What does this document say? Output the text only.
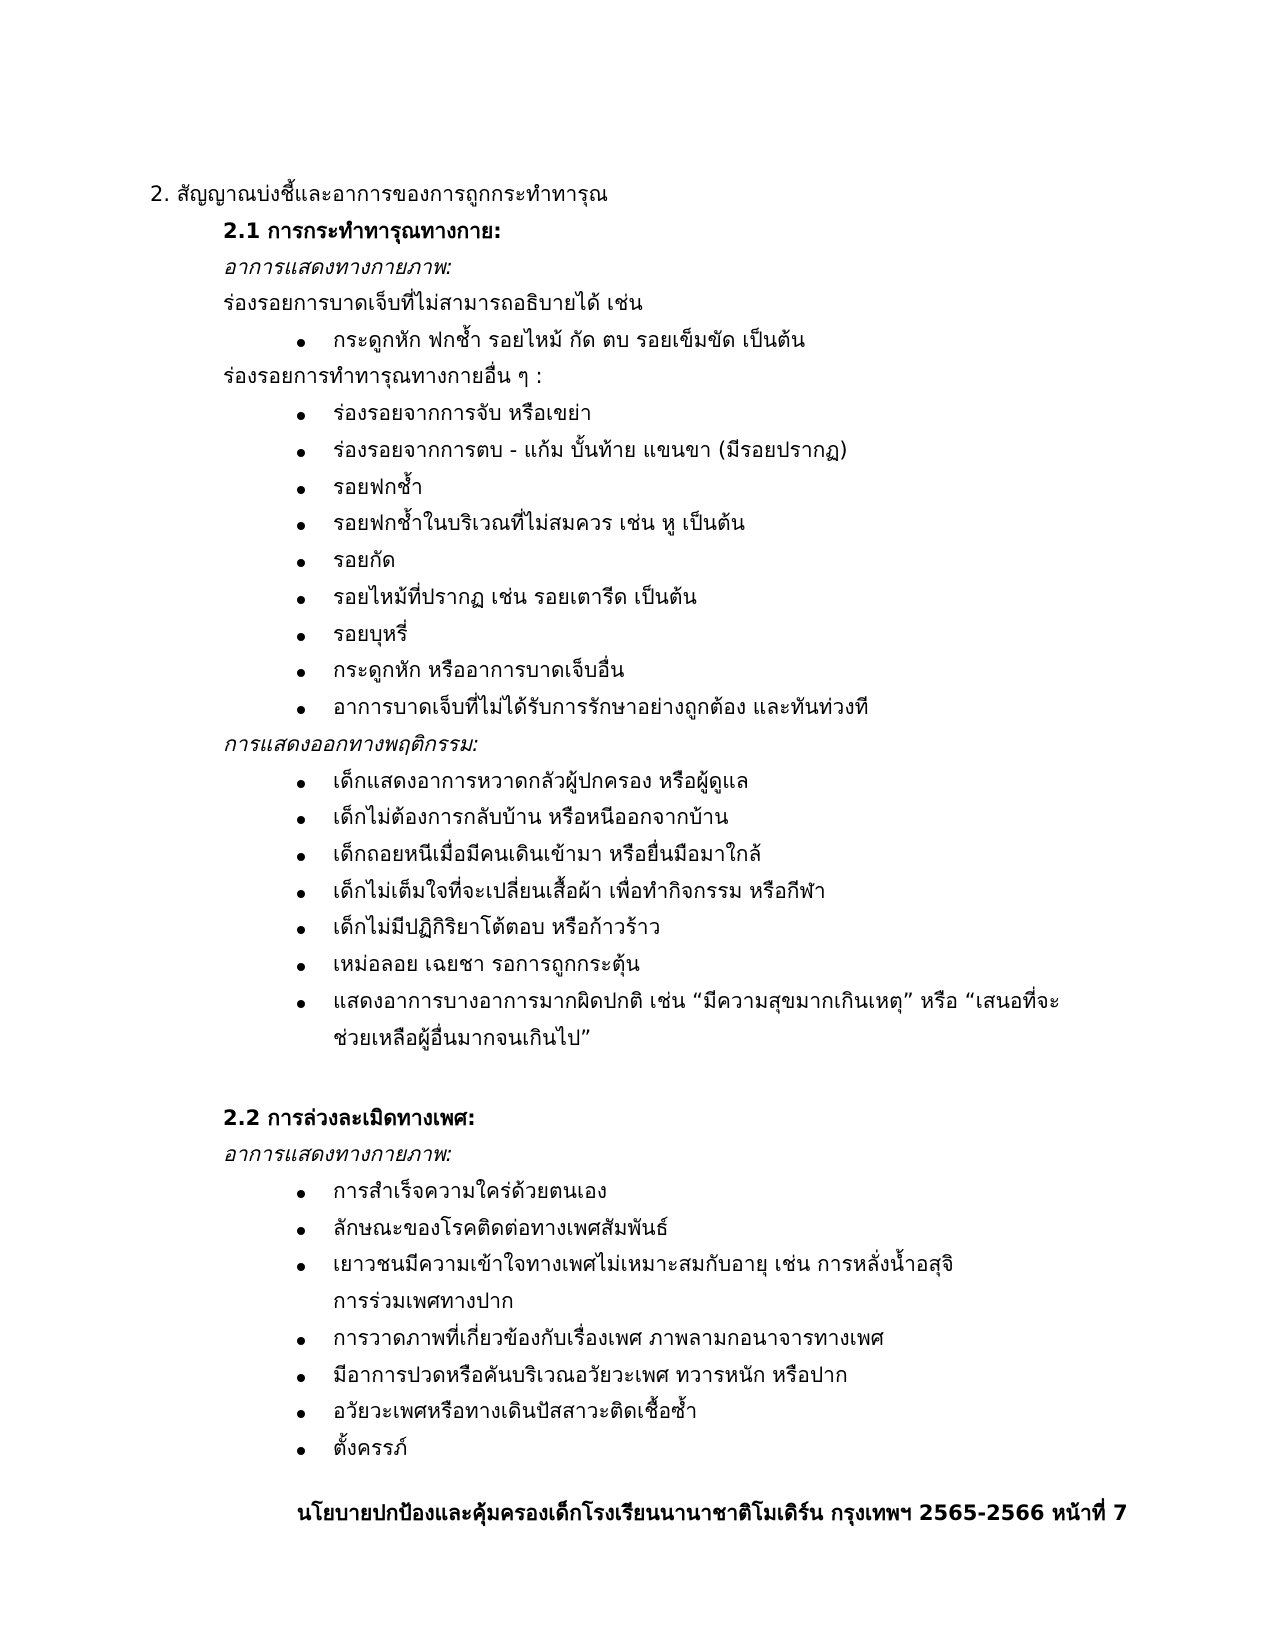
2. สัญญาณบ่งชี้และอาการของการถูกกระทำทารุณ
2.1 การกระทำทารุณทางกาย:
อาการแสดงทางกายภาพ:
ร่องรอยการบาดเจ็บที่ไม่สามารถอธิบายได้ เช่น
กระดูกหัก ฟกช้ำ รอยไหม้ กัด ตบ รอยเข็มขัด เป็นต้น
ร่องรอยการทำทารุณทางกายอื่น ๆ :
ร่องรอยจากการจับ หรือเขย่า
ร่องรอยจากการตบ - แก้ม บั้นท้าย แขนขา (มีรอยปรากฏ)
รอยฟกช้ำ
รอยฟกช้ำในบริเวณที่ไม่สมควร เช่น หู เป็นต้น
รอยกัด
รอยไหม้ที่ปรากฏ เช่น รอยเตารีด เป็นต้น
รอยบุหรี่
กระดูกหัก หรืออาการบาดเจ็บอื่น
อาการบาดเจ็บที่ไม่ได้รับการรักษาอย่างถูกต้อง และทันท่วงที
การแสดงออกทางพฤติกรรม:
เด็กแสดงอาการหวาดกลัวผู้ปกครอง หรือผู้ดูแล
เด็กไม่ต้องการกลับบ้าน หรือหนีออกจากบ้าน
เด็กถอยหนีเมื่อมีคนเดินเข้ามา หรือยื่นมือมาใกล้
เด็กไม่เต็มใจที่จะเปลี่ยนเสื้อผ้า เพื่อทำกิจกรรม หรือกีฬา
เด็กไม่มีปฏิกิริยาโต้ตอบ หรือก้าวร้าว
เหม่อลอย เฉยชา รอการถูกกระตุ้น
แสดงอาการบางอาการมากผิดปกติ เช่น “มีความสุขมากเกินเหตุ” หรือ “เสนอที่จะ
ช่วยเหลือผู้อื่นมากจนเกินไป”
2.2 การล่วงละเมิดทางเพศ:
อาการแสดงทางกายภาพ:
การสำเร็จความใคร่ด้วยตนเอง
ลักษณะของโรคติดต่อทางเพศสัมพันธ์
เยาวชนมีความเข้าใจทางเพศไม่เหมาะสมกับอายุ เช่น การหลั่งน้ำอสุจิ
การร่วมเพศทางปาก
การวาดภาพที่เกี่ยวข้องกับเรื่องเพศ ภาพลามกอนาจารทางเพศ
มีอาการปวดหรือคันบริเวณอวัยวะเพศ ทวารหนัก หรือปาก
อวัยวะเพศหรือทางเดินปัสสาวะติดเชื้อซ้ำ
ตั้งครรภ์
นโยบายปกป้องและคุ้มครองเด็กโรงเรียนนานาชาติโมเดิร์น กรุงเทพฯ 2565-2566 หน้าที่ 7
